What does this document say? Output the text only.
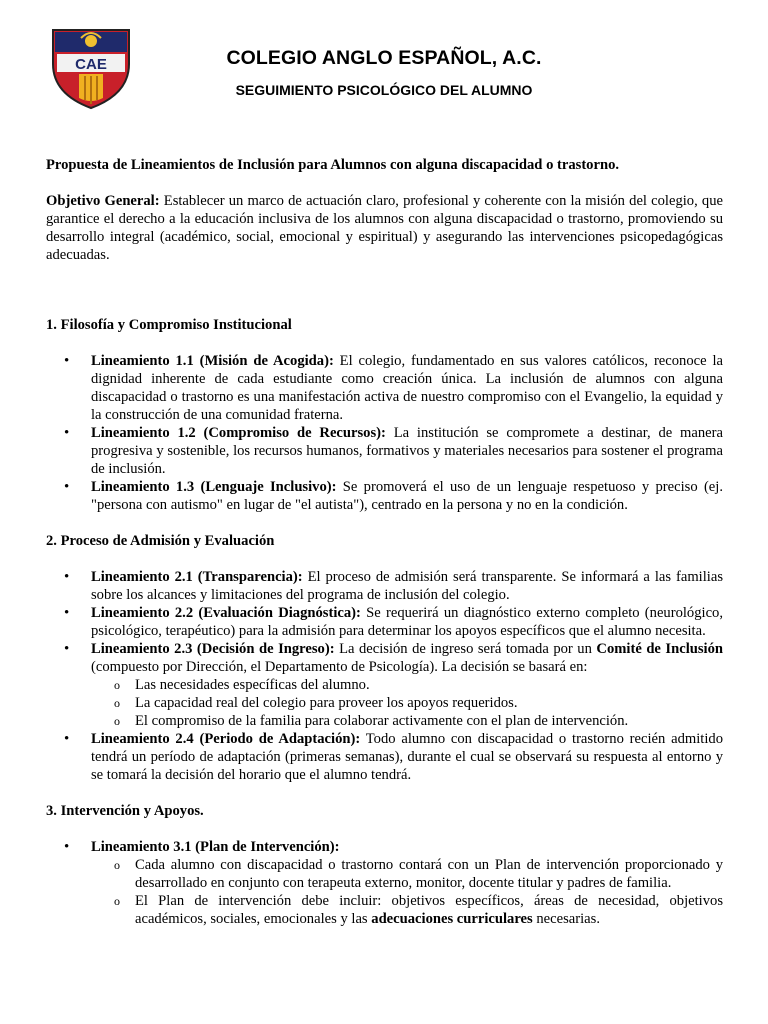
CAE	COLEGIO ANGLO ESPAÑOL, A.C.
SEGUIMIENTO PSICOLÓGICO DEL ALUMNO

Propuesta de Lineamientos de Inclusión para Alumnos con alguna discapacidad o trastorno.

Objetivo General: Establecer un marco de actuación claro, profesional y coherente con la misión del colegio, que garantice el derecho a la educación inclusiva de los alumnos con alguna discapacidad o trastorno, promoviendo su desarrollo integral (académico, social, emocional y espiritual) y asegurando las intervenciones psicopedagógicas adecuadas.

1. Filosofía y Compromiso Institucional

• Lineamiento 1.1 (Misión de Acogida): El colegio, fundamentado en sus valores católicos, reconoce la dignidad inherente de cada estudiante como creación única. La inclusión de alumnos con alguna discapacidad o trastorno es una manifestación activa de nuestro compromiso con el Evangelio, la equidad y la construcción de una comunidad fraterna.
• Lineamiento 1.2 (Compromiso de Recursos): La institución se compromete a destinar, de manera progresiva y sostenible, los recursos humanos, formativos y materiales necesarios para sostener el programa de inclusión.
• Lineamiento 1.3 (Lenguaje Inclusivo): Se promoverá el uso de un lenguaje respetuoso y preciso (ej. "persona con autismo" en lugar de "el autista"), centrado en la persona y no en la condición.

2. Proceso de Admisión y Evaluación

• Lineamiento 2.1 (Transparencia): El proceso de admisión será transparente. Se informará a las familias sobre los alcances y limitaciones del programa de inclusión del colegio.
• Lineamiento 2.2 (Evaluación Diagnóstica): Se requerirá un diagnóstico externo completo (neurológico, psicológico, terapéutico) para la admisión para determinar los apoyos específicos que el alumno necesita.
• Lineamiento 2.3 (Decisión de Ingreso): La decisión de ingreso será tomada por un Comité de Inclusión (compuesto por Dirección, el Departamento de Psicología). La decisión se basará en:
o Las necesidades específicas del alumno.
o La capacidad real del colegio para proveer los apoyos requeridos.
o El compromiso de la familia para colaborar activamente con el plan de intervención.
• Lineamiento 2.4 (Periodo de Adaptación): Todo alumno con discapacidad o trastorno recién admitido tendrá un período de adaptación (primeras semanas), durante el cual se observará su respuesta al entorno y se tomará la decisión del horario que el alumno tendrá.

3. Intervención y Apoyos.

• Lineamiento 3.1 (Plan de Intervención):
o Cada alumno con discapacidad o trastorno contará con un Plan de intervención proporcionado y desarrollado en conjunto con terapeuta externo, monitor, docente titular y padres de familia.
o El Plan de intervención debe incluir: objetivos específicos, áreas de necesidad, objetivos académicos, sociales, emocionales y las adecuaciones curriculares necesarias.
